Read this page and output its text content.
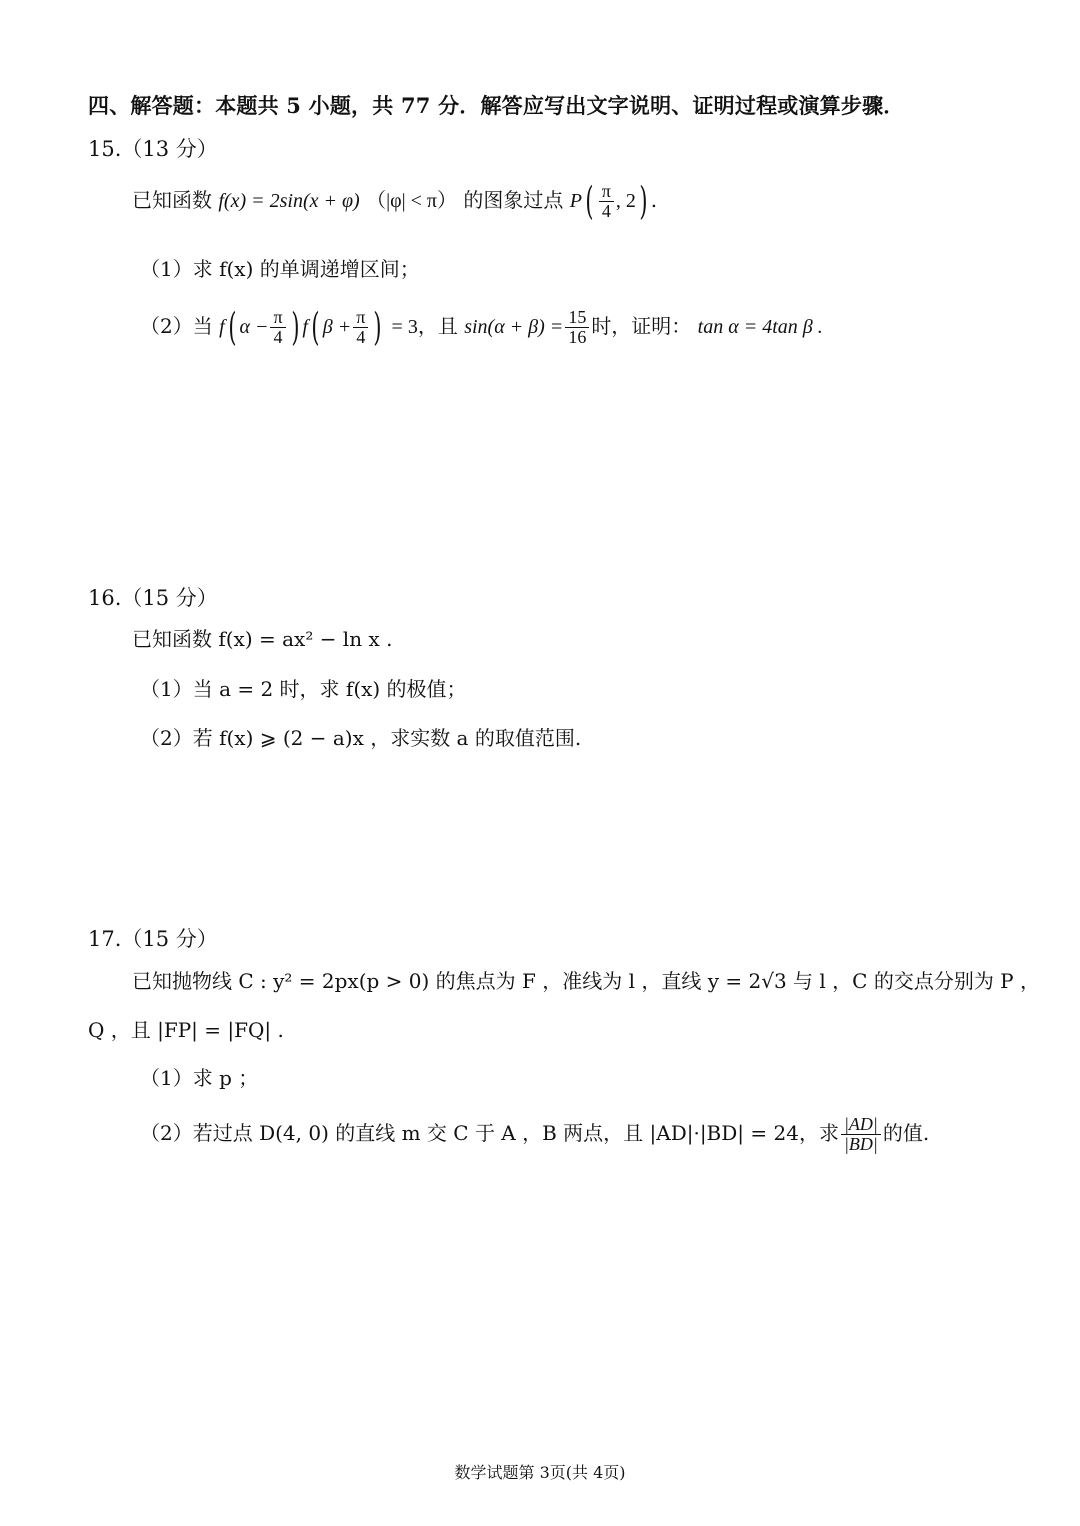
四、解答题：本题共 5 小题，共 77 分．解答应写出文字说明、证明过程或演算步骤．
15.（13 分）
已知函数 f(x) = 2sin(x + φ) （|φ| < π） 的图象过点 $P( \frac{\pi}{4}$ , 2) .
（1）求 f(x) 的单调递增区间；
（2）当 f( $\alpha - \frac{\pi}{4}$ ) f( $\beta + \frac{\pi}{4}$ ) = 3，且 $\sin(\alpha + \beta) = \frac{15}{16}$ 时，证明： tan α = 4tan β .
16.（15 分）
已知函数 f(x) = ax² − ln x .
（1）当 a = 2 时，求 f(x) 的极值；
（2）若 f(x) ⩾ (2 − a)x ，求实数 a 的取值范围.
17.（15 分）
已知抛物线 C : y² = 2px(p > 0) 的焦点为 F ，准线为 l ，直线 y = 2√3 与 l ，C 的交点分别为 P ，
Q ，且 |FP| = |FQ| .
（1）求 p ；
（2）若过点 D(4, 0) 的直线 m 交 C 于 A ，B 两点，且 |AD|·|BD| = 24，求 $\frac{|AD|}{|BD|}$ 的值.
数学试题第 3页(共 4页)
